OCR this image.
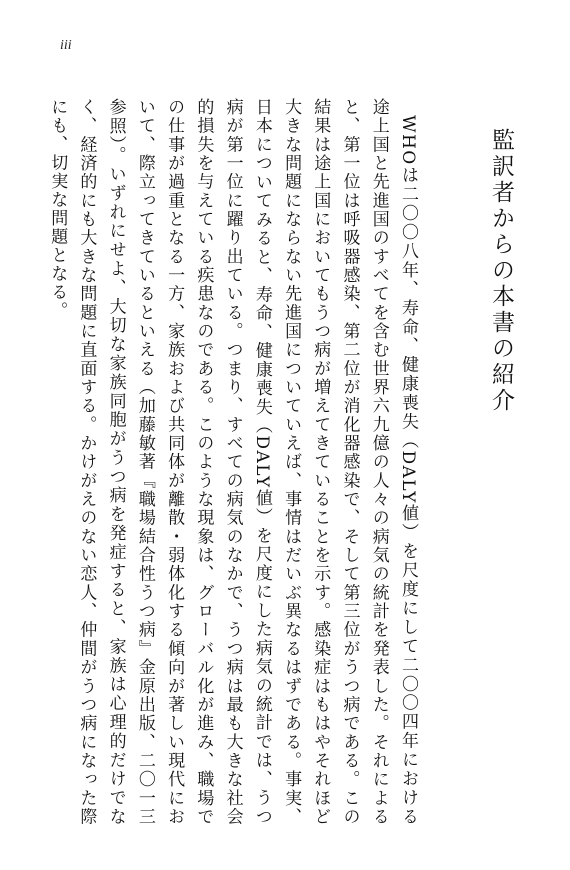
iii
監訳者からの本書の紹介

WHOは二〇〇八年、寿命、健康喪失（DALY値）を尺度にして二〇〇四年における途上国と先進国のすべてを含む世界六九億の人々の病気の統計を発表した。それによると、第一位は呼吸器感染、第二位が消化器感染で、そして第三位がうつ病である。この結果は途上国においてもうつ病が増えてきていることを示す。感染症はもはやそれほど大きな問題にならない先進国についていえば、事情はだいぶ異なるはずである。事実、日本についてみると、寿命、健康喪失（DALY値）を尺度にした病気の統計では、うつ病が第一位に躍り出ている。つまり、すべての病気のなかで、うつ病は最も大きな社会的損失を与えている疾患なのである。このような現象は、グローバル化が進み、職場での仕事が過重となる一方、家族および共同体が離散・弱体化する傾向が著しい現代において、際立ってきているといえる（加藤敏著『職場結合性うつ病』金原出版、二〇一三参照）。いずれにせよ、大切な家族同胞がうつ病を発症すると、家族は心理的だけでなく、経済的にも大きな問題に直面する。かけがえのない恋人、仲間がうつ病になった際にも、切実な問題となる。
